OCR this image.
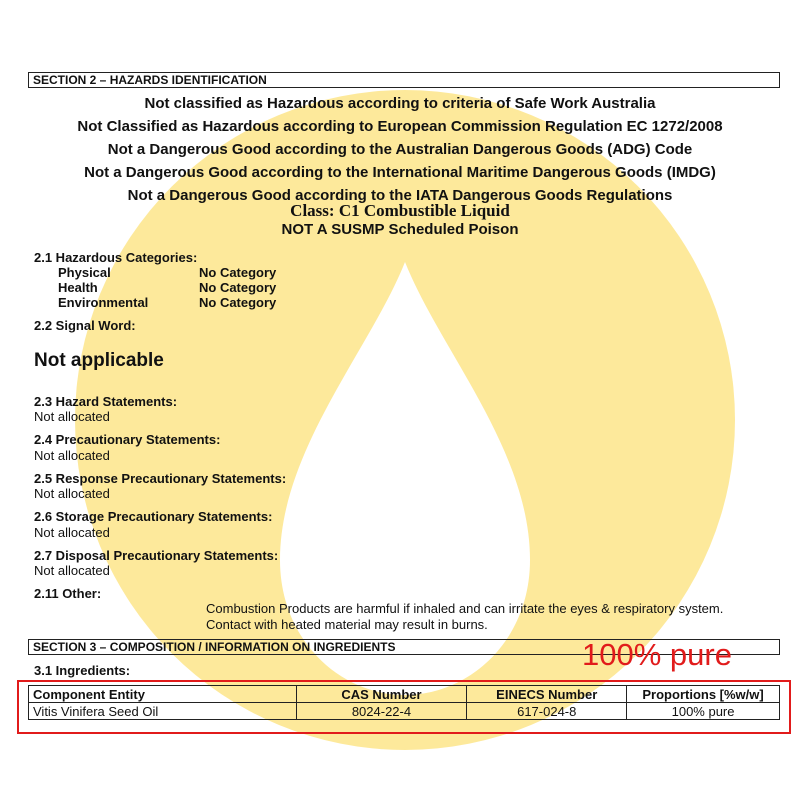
SECTION 2 – HAZARDS IDENTIFICATION
Not classified as Hazardous according to criteria of Safe Work Australia
Not Classified as Hazardous according to European Commission Regulation EC 1272/2008
Not a Dangerous Good according to the Australian Dangerous Goods (ADG) Code
Not a Dangerous Good according to the International Maritime Dangerous Goods (IMDG)
Not a Dangerous Good according to the IATA Dangerous Goods Regulations
Class: C1 Combustible Liquid
NOT A SUSMP Scheduled Poison
2.1 Hazardous Categories:
Physical	No Category
Health	No Category
Environmental	No Category
2.2 Signal Word:
Not applicable
2.3 Hazard Statements:
Not allocated
2.4 Precautionary Statements:
Not allocated
2.5 Response Precautionary Statements:
Not allocated
2.6 Storage Precautionary Statements:
Not allocated
2.7 Disposal Precautionary Statements:
Not allocated
2.11 Other:
Combustion Products are harmful if inhaled and can irritate the eyes & respiratory system.
Contact with heated material may result in burns.
SECTION 3 – COMPOSITION / INFORMATION ON INGREDIENTS
3.1 Ingredients:	100% pure
Component Entity	CAS Number	EINECS Number	Proportions [%w/w]
Vitis Vinifera Seed Oil	8024-22-4	617-024-8	100% pure
